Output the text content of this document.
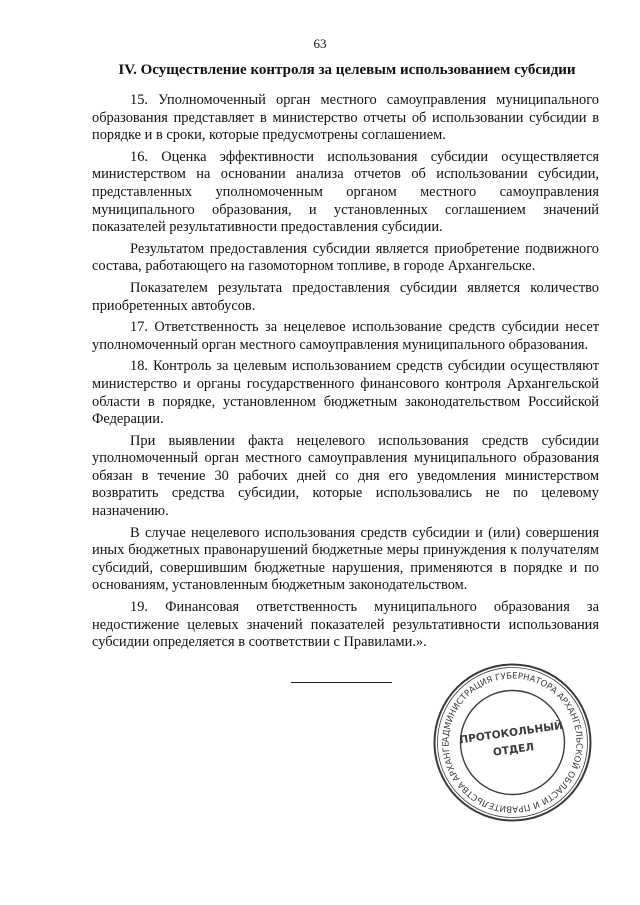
63
IV. Осуществление контроля за целевым использованием субсидии

15. Уполномоченный орган местного самоуправления муниципального образования представляет в министерство отчеты об использовании субсидии в порядке и в сроки, которые предусмотрены соглашением.

16. Оценка эффективности использования субсидии осуществляется министерством на основании анализа отчетов об использовании субсидии, представленных уполномоченным органом местного самоуправления муниципального образования, и установленных соглашением значений показателей результативности предоставления субсидии.

Результатом предоставления субсидии является приобретение подвижного состава, работающего на газомоторном топливе, в городе Архангельске.

Показателем результата предоставления субсидии является количество приобретенных автобусов.

17. Ответственность за нецелевое использование средств субсидии несет уполномоченный орган местного самоуправления муниципального образования.

18. Контроль за целевым использованием средств субсидии осуществляют министерство и органы государственного финансового контроля Архангельской области в порядке, установленном бюджетным законодательством Российской Федерации.

При выявлении факта нецелевого использования средств субсидии уполномоченный орган местного самоуправления муниципального образования обязан в течение 30 рабочих дней со дня его уведомления министерством возвратить средства субсидии, которые использовались не по целевому назначению.

В случае нецелевого использования средств субсидии и (или) совершения иных бюджетных правонарушений бюджетные меры принуждения к получателям субсидий, совершившим бюджетные нарушения, применяются в порядке и по основаниям, установленным бюджетным законодательством.

19. Финансовая ответственность муниципального образования за недостижение целевых значений показателей результативности использования субсидии определяется в соответствии с Правилами.».

АДМИНИСТРАЦИЯ ГУБЕРНАТОРА АРХАНГЕЛЬСКОЙ ОБЛАСТИ И ПРАВИТЕЛЬСТВА АРХАНГЕ ПРОТОКОЛЬНЫЙ
ОТДЕЛ
